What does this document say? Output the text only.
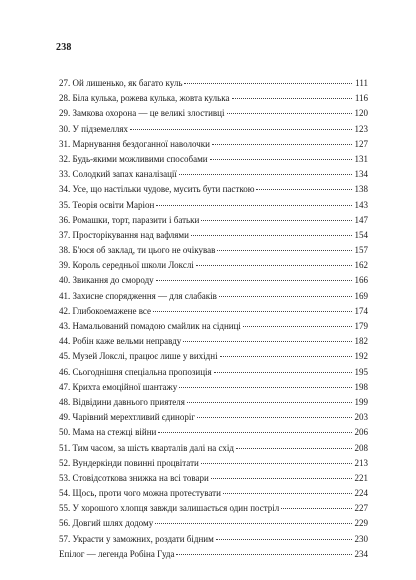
238
27. Ой лишенько, як багато куль	111
28. Біла кулька, рожева кулька, жовта кулька	116
29. Замкова охорона — це великі злостивці	120
30. У підземеллях	123
31. Марнування бездоганної наволочки	127
32. Будь-якими можливими способами	131
33. Солодкий запах каналізації	134
34. Усе, що настільки чудове, мусить бути пасткою	138
35. Теорія освіти Маріон	143
36. Ромашки, торт, паразити і батьки	147
37. Просторікування над вафлями	154
38. Б'юся об заклад, ти цього не очікував	157
39. Король середньої школи Локслі	162
40. Звикання до смороду	166
41. Захисне спорядження — для слабаків	169
42. Глибокоемажене все	174
43. Намальований помадою смайлик на сідниці	179
44. Робін каже вельми неправду	182
45. Музей Локслі, працює лише у вихідні	192
46. Сьогоднішня спеціальна пропозиція	195
47. Крихта емоційної шантажу	198
48. Відвідини давнього приятеля	199
49. Чарівний мерехтливий єдиноріг	203
50. Мама на стежці війни	206
51. Тим часом, за шість кварталів далі на схід	208
52. Вундеркінди повинні процвітати	213
53. Стовідсоткова знижка на всі товари	221
54. Щось, проти чого можна протестувати	224
55. У хорошого хлопця завжди залишається один постріл	227
56. Довгий шлях додому	229
57. Украсти у заможних, роздати бідним	230
Епілог — легенда Робіна Гуда	234
